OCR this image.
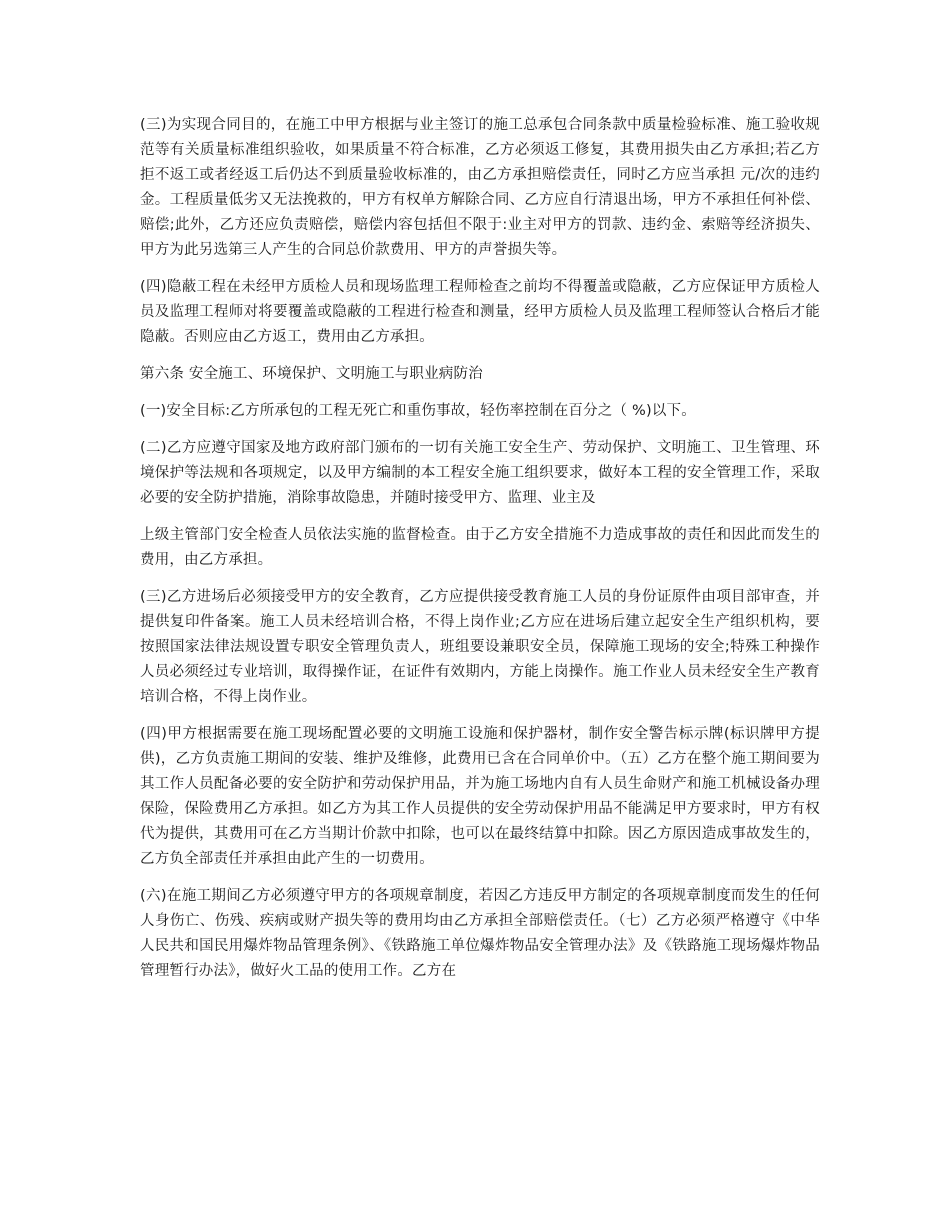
(三)为实现合同目的，在施工中甲方根据与业主签订的施工总承包合同条款中质量检验标准、施工验收规范等有关质量标准组织验收，如果质量不符合标准，乙方必须返工修复，其费用损失由乙方承担;若乙方拒不返工或者经返工后仍达不到质量验收标准的，由乙方承担赔偿责任，同时乙方应当承担 元/次的违约金。工程质量低劣又无法挽救的，甲方有权单方解除合同、乙方应自行清退出场，甲方不承担任何补偿、赔偿;此外，乙方还应负责赔偿，赔偿内容包括但不限于:业主对甲方的罚款、违约金、索赔等经济损失、甲方为此另选第三人产生的合同总价款费用、甲方的声誉损失等。

(四)隐蔽工程在未经甲方质检人员和现场监理工程师检查之前均不得覆盖或隐蔽，乙方应保证甲方质检人员及监理工程师对将要覆盖或隐蔽的工程进行检查和测量，经甲方质检人员及监理工程师签认合格后才能隐蔽。否则应由乙方返工，费用由乙方承担。

第六条 安全施工、环境保护、文明施工与职业病防治

(一)安全目标:乙方所承包的工程无死亡和重伤事故，轻伤率控制在百分之（ %)以下。

(二)乙方应遵守国家及地方政府部门颁布的一切有关施工安全生产、劳动保护、文明施工、卫生管理、环境保护等法规和各项规定，以及甲方编制的本工程安全施工组织要求，做好本工程的安全管理工作，采取必要的安全防护措施，消除事故隐患，并随时接受甲方、监理、业主及

上级主管部门安全检查人员依法实施的监督检查。由于乙方安全措施不力造成事故的责任和因此而发生的费用，由乙方承担。

(三)乙方进场后必须接受甲方的安全教育，乙方应提供接受教育施工人员的身份证原件由项目部审查，并提供复印件备案。施工人员未经培训合格，不得上岗作业;乙方应在进场后建立起安全生产组织机构，要按照国家法律法规设置专职安全管理负责人，班组要设兼职安全员，保障施工现场的安全;特殊工种操作人员必须经过专业培训，取得操作证，在证件有效期内，方能上岗操作。施工作业人员未经安全生产教育培训合格，不得上岗作业。

(四)甲方根据需要在施工现场配置必要的文明施工设施和保护器材，制作安全警告标示牌(标识牌甲方提供)，乙方负责施工期间的安装、维护及维修，此费用已含在合同单价中。（五）乙方在整个施工期间要为其工作人员配备必要的安全防护和劳动保护用品，并为施工场地内自有人员生命财产和施工机械设备办理保险，保险费用乙方承担。如乙方为其工作人员提供的安全劳动保护用品不能满足甲方要求时，甲方有权代为提供，其费用可在乙方当期计价款中扣除，也可以在最终结算中扣除。因乙方原因造成事故发生的，乙方负全部责任并承担由此产生的一切费用。

(六)在施工期间乙方必须遵守甲方的各项规章制度，若因乙方违反甲方制定的各项规章制度而发生的任何人身伤亡、伤残、疾病或财产损失等的费用均由乙方承担全部赔偿责任。（七）乙方必须严格遵守《中华人民共和国民用爆炸物品管理条例》、《铁路施工单位爆炸物品安全管理办法》及《铁路施工现场爆炸物品管理暂行办法》，做好火工品的使用工作。乙方在
